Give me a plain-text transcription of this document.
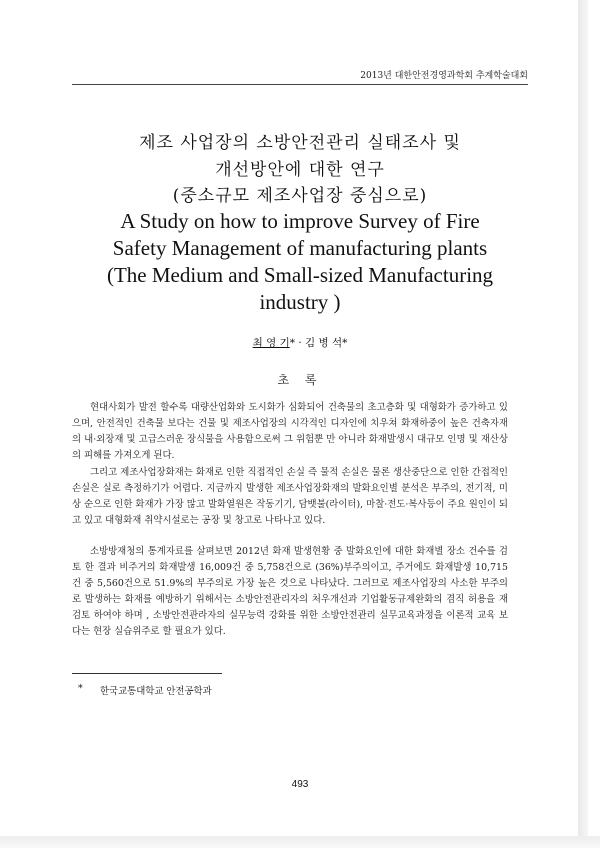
2013년 대한안전경영과학회 추계학술대회
제조 사업장의 소방안전관리 실태조사 및
개선방안에 대한 연구
(중소규모 제조사업장 중심으로)
A Study on how to improve Survey of Fire
Safety Management of manufacturing plants
(The Medium and Small-sized Manufacturing
industry )
최 영 기* · 김 병 석*
초 록

현대사회가 발전 할수록 대량산업화와 도시화가 심화되어 건축물의 초고층화 및 대형화가 증가하고 있으며, 안전적인 건축물 보다는 건물 및 제조사업장의 시각적인 디자인에 치우쳐 화재하중이 높은 건축자재의 내·외장재 및 고급스러운 장식물을 사용함으로써 그 위험뿐 만 아니라 화재발생시 대규모 인명 및 재산상의 피해를 가져오게 된다.

그리고 제조사업장화재는 화재로 인한 직접적인 손실 즉 물적 손실은 물론 생산중단으로 인한 간접적인 손실은 실로 측정하기가 어렵다. 지금까지 발생한 제조사업장화재의 발화요인별 분석은 부주의, 전기적, 미상 순으로 인한 화재가 가장 많고 발화열원은 작동기기, 담뱃불(라이터), 마찰·전도·복사등이 주요 원인이 되고 있고 대형화재 취약시설로는 공장 및 창고로 나타나고 있다.

소방방재청의 통계자료를 살펴보면 2012년 화재 발생현황 중 발화요인에 대한 화재별 장소 건수를 검토 한 결과 비주거의 화재발생 16,009건 중 5,758건으로 (36%)부주의이고, 주거에도 화재발생 10,715건 중 5,560건으로 51.9%의 부주의로 가장 높은 것으로 나타났다. 그러므로 제조사업장의 사소한 부주의로 발생하는 화재를 예방하기 위해서는 소방안전관리자의 처우개선과 기업활동규제완화의 겸직 허용을 재검토 하여야 하며 , 소방안전관라자의 실무능력 강화를 위한 소방안전관리 실무교육과정을 이론적 교육 보다는 현장 실습위주로 할 필요가 있다.

* 한국교통대학교 안전공학과
493
